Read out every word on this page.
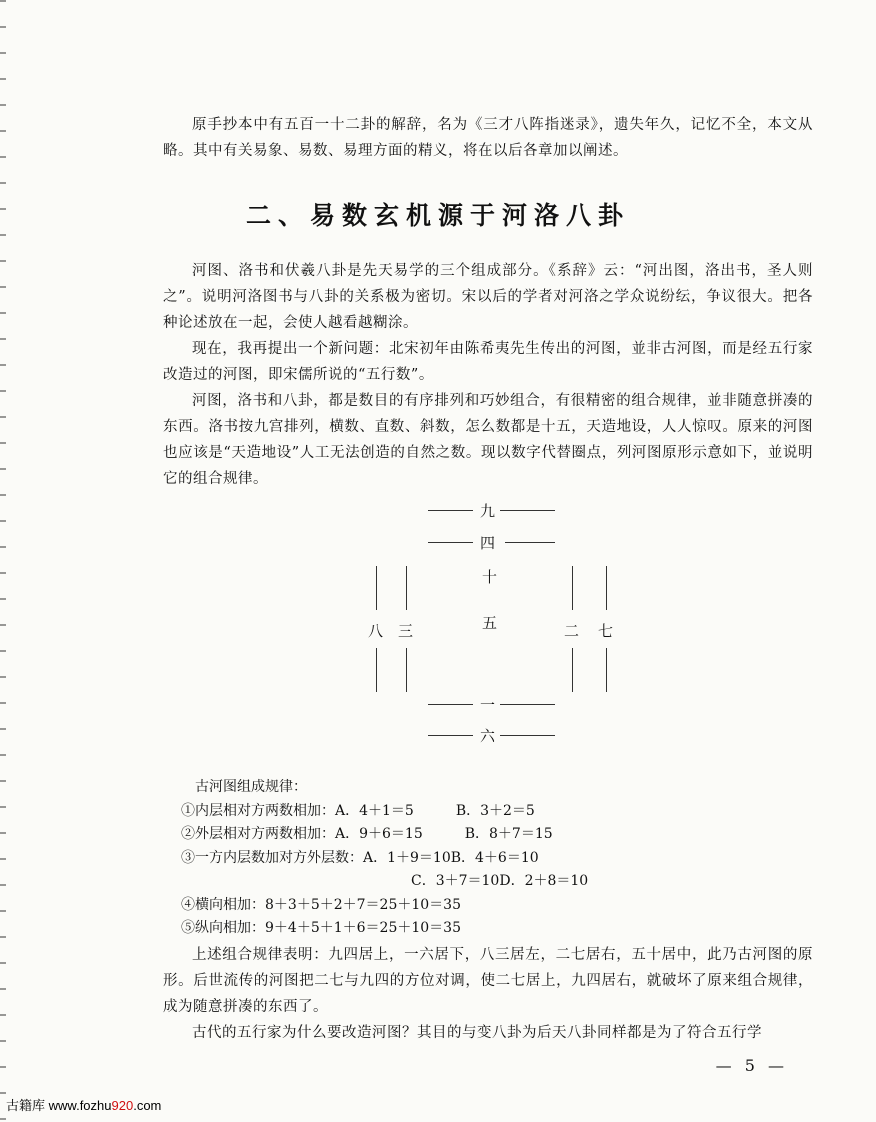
原手抄本中有五百一十二卦的解辞，名为《三才八阵指迷录》，遗失年久，记忆不全，本文从略。其中有关易象、易数、易理方面的精义，将在以后各章加以阐述。

二、易数玄机源于河洛八卦

河图、洛书和伏羲八卦是先天易学的三个组成部分。《系辞》云：“河出图，洛出书，圣人则之”。说明河洛图书与八卦的关系极为密切。宋以后的学者对河洛之学众说纷纭，争议很大。把各种论述放在一起，会使人越看越糊涂。

现在，我再提出一个新问题：北宋初年由陈希夷先生传出的河图，並非古河图，而是经五行家改造过的河图，即宋儒所说的“五行数”。

河图，洛书和八卦，都是数目的有序排列和巧妙组合，有很精密的组合规律，並非随意拼凑的东西。洛书按九宫排列，横数、直数、斜数，怎么数都是十五，天造地设，人人惊叹。原来的河图也应该是“天造地设”人工无法创造的自然之数。现以数字代替圈点，列河图原形示意如下，並说明它的组合规律。

九
四
十
五
八 三	二 七
一
六
古河图组成规律：
①内层相对方两数相加：A．4＋1＝5　　　B．3＋2＝5
②外层相对方两数相加：A．9＋6＝15　　　B．8＋7＝15
③一方内层数加对方外层数：A．1＋9＝10B．4＋6＝10
C．3＋7＝10D．2＋8＝10
④横向相加：8＋3＋5＋2＋7＝25＋10＝35
⑤纵向相加：9＋4＋5＋1＋6＝25＋10＝35

上述组合规律表明：九四居上，一六居下，八三居左，二七居右，五十居中，此乃古河图的原形。后世流传的河图把二七与九四的方位对调，使二七居上，九四居右，就破坏了原来组合规律，成为随意拼凑的东西了。

古代的五行家为什么要改造河图？其目的与变八卦为后天八卦同样都是为了符合五行学

— 5 —
古籍库 www.fozhu920.com
